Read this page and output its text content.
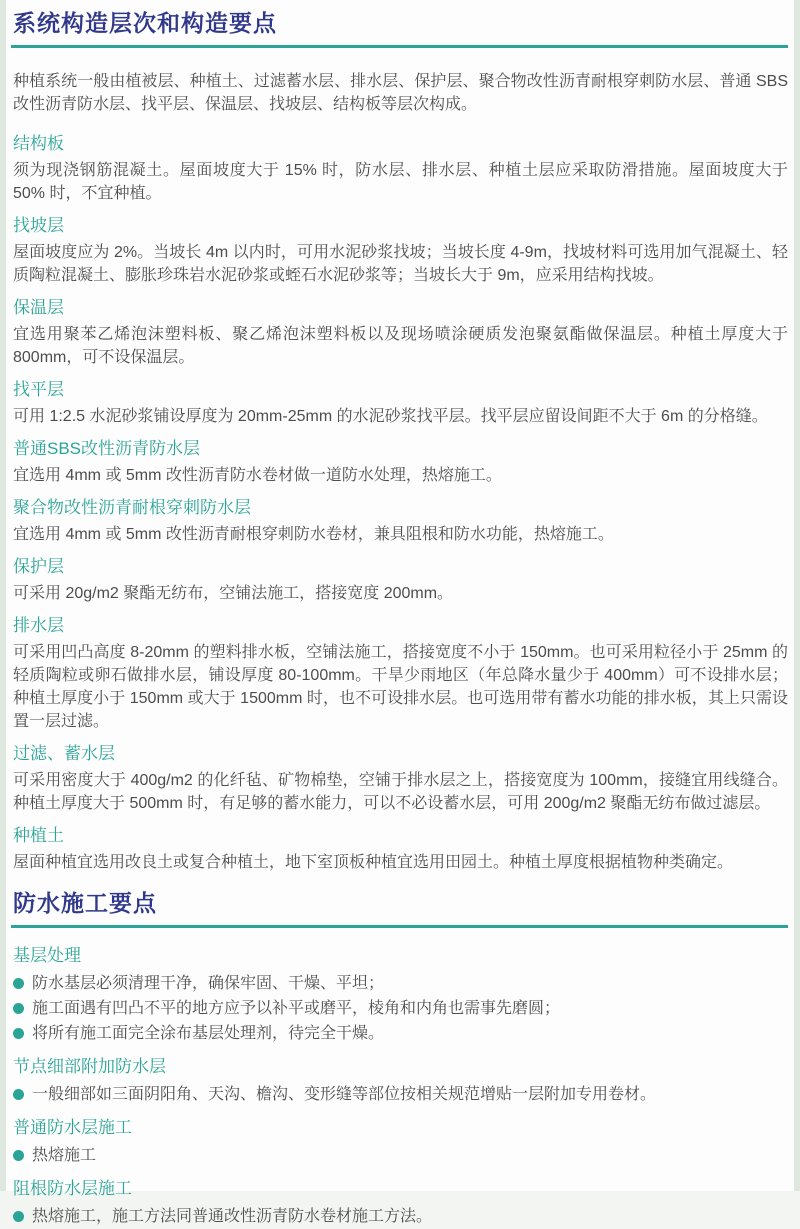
系统构造层次和构造要点

种植系统一般由植被层、种植土、过滤蓄水层、排水层、保护层、聚合物改性沥青耐根穿刺防水层、普通 SBS 改性沥青防水层、找平层、保温层、找坡层、结构板等层次构成。

结构板

须为现浇钢筋混凝土。屋面坡度大于 15% 时，防水层、排水层、种植土层应采取防滑措施。屋面坡度大于 50% 时，不宜种植。

找坡层

屋面坡度应为 2%。当坡长 4m 以内时，可用水泥砂浆找坡；当坡长度 4-9m，找坡材料可选用加气混凝土、轻质陶粒混凝土、膨胀珍珠岩水泥砂浆或蛭石水泥砂浆等；当坡长大于 9m，应采用结构找坡。

保温层

宜选用聚苯乙烯泡沫塑料板、聚乙烯泡沫塑料板以及现场喷涂硬质发泡聚氨酯做保温层。种植土厚度大于 800mm，可不设保温层。

找平层

可用 1:2.5 水泥砂浆铺设厚度为 20mm-25mm 的水泥砂浆找平层。找平层应留设间距不大于 6m 的分格缝。

普通SBS改性沥青防水层

宜选用 4mm 或 5mm 改性沥青防水卷材做一道防水处理，热熔施工。

聚合物改性沥青耐根穿刺防水层

宜选用 4mm 或 5mm 改性沥青耐根穿刺防水卷材，兼具阻根和防水功能，热熔施工。

保护层

可采用 20g/m2 聚酯无纺布，空铺法施工，搭接宽度 200mm。

排水层

可采用凹凸高度 8-20mm 的塑料排水板，空铺法施工，搭接宽度不小于 150mm。也可采用粒径小于 25mm 的轻质陶粒或卵石做排水层，铺设厚度 80-100mm。干旱少雨地区（年总降水量少于 400mm）可不设排水层；种植土厚度小于 150mm 或大于 1500mm 时，也不可设排水层。也可选用带有蓄水功能的排水板，其上只需设置一层过滤。

过滤、蓄水层

可采用密度大于 400g/m2 的化纤毡、矿物棉垫，空铺于排水层之上，搭接宽度为 100mm，接缝宜用线缝合。种植土厚度大于 500mm 时，有足够的蓄水能力，可以不必设蓄水层，可用 200g/m2 聚酯无纺布做过滤层。

种植土

屋面种植宜选用改良土或复合种植土，地下室顶板种植宜选用田园土。种植土厚度根据植物种类确定。

防水施工要点
基层处理
防水基层必须清理干净，确保牢固、干燥、平坦；
施工面遇有凹凸不平的地方应予以补平或磨平，棱角和内角也需事先磨圆；
将所有施工面完全涂布基层处理剂，待完全干燥。
节点细部附加防水层
一般细部如三面阴阳角、天沟、檐沟、变形缝等部位按相关规范增贴一层附加专用卷材。
普通防水层施工
热熔施工
阻根防水层施工
热熔施工，施工方法同普通改性沥青防水卷材施工方法。
